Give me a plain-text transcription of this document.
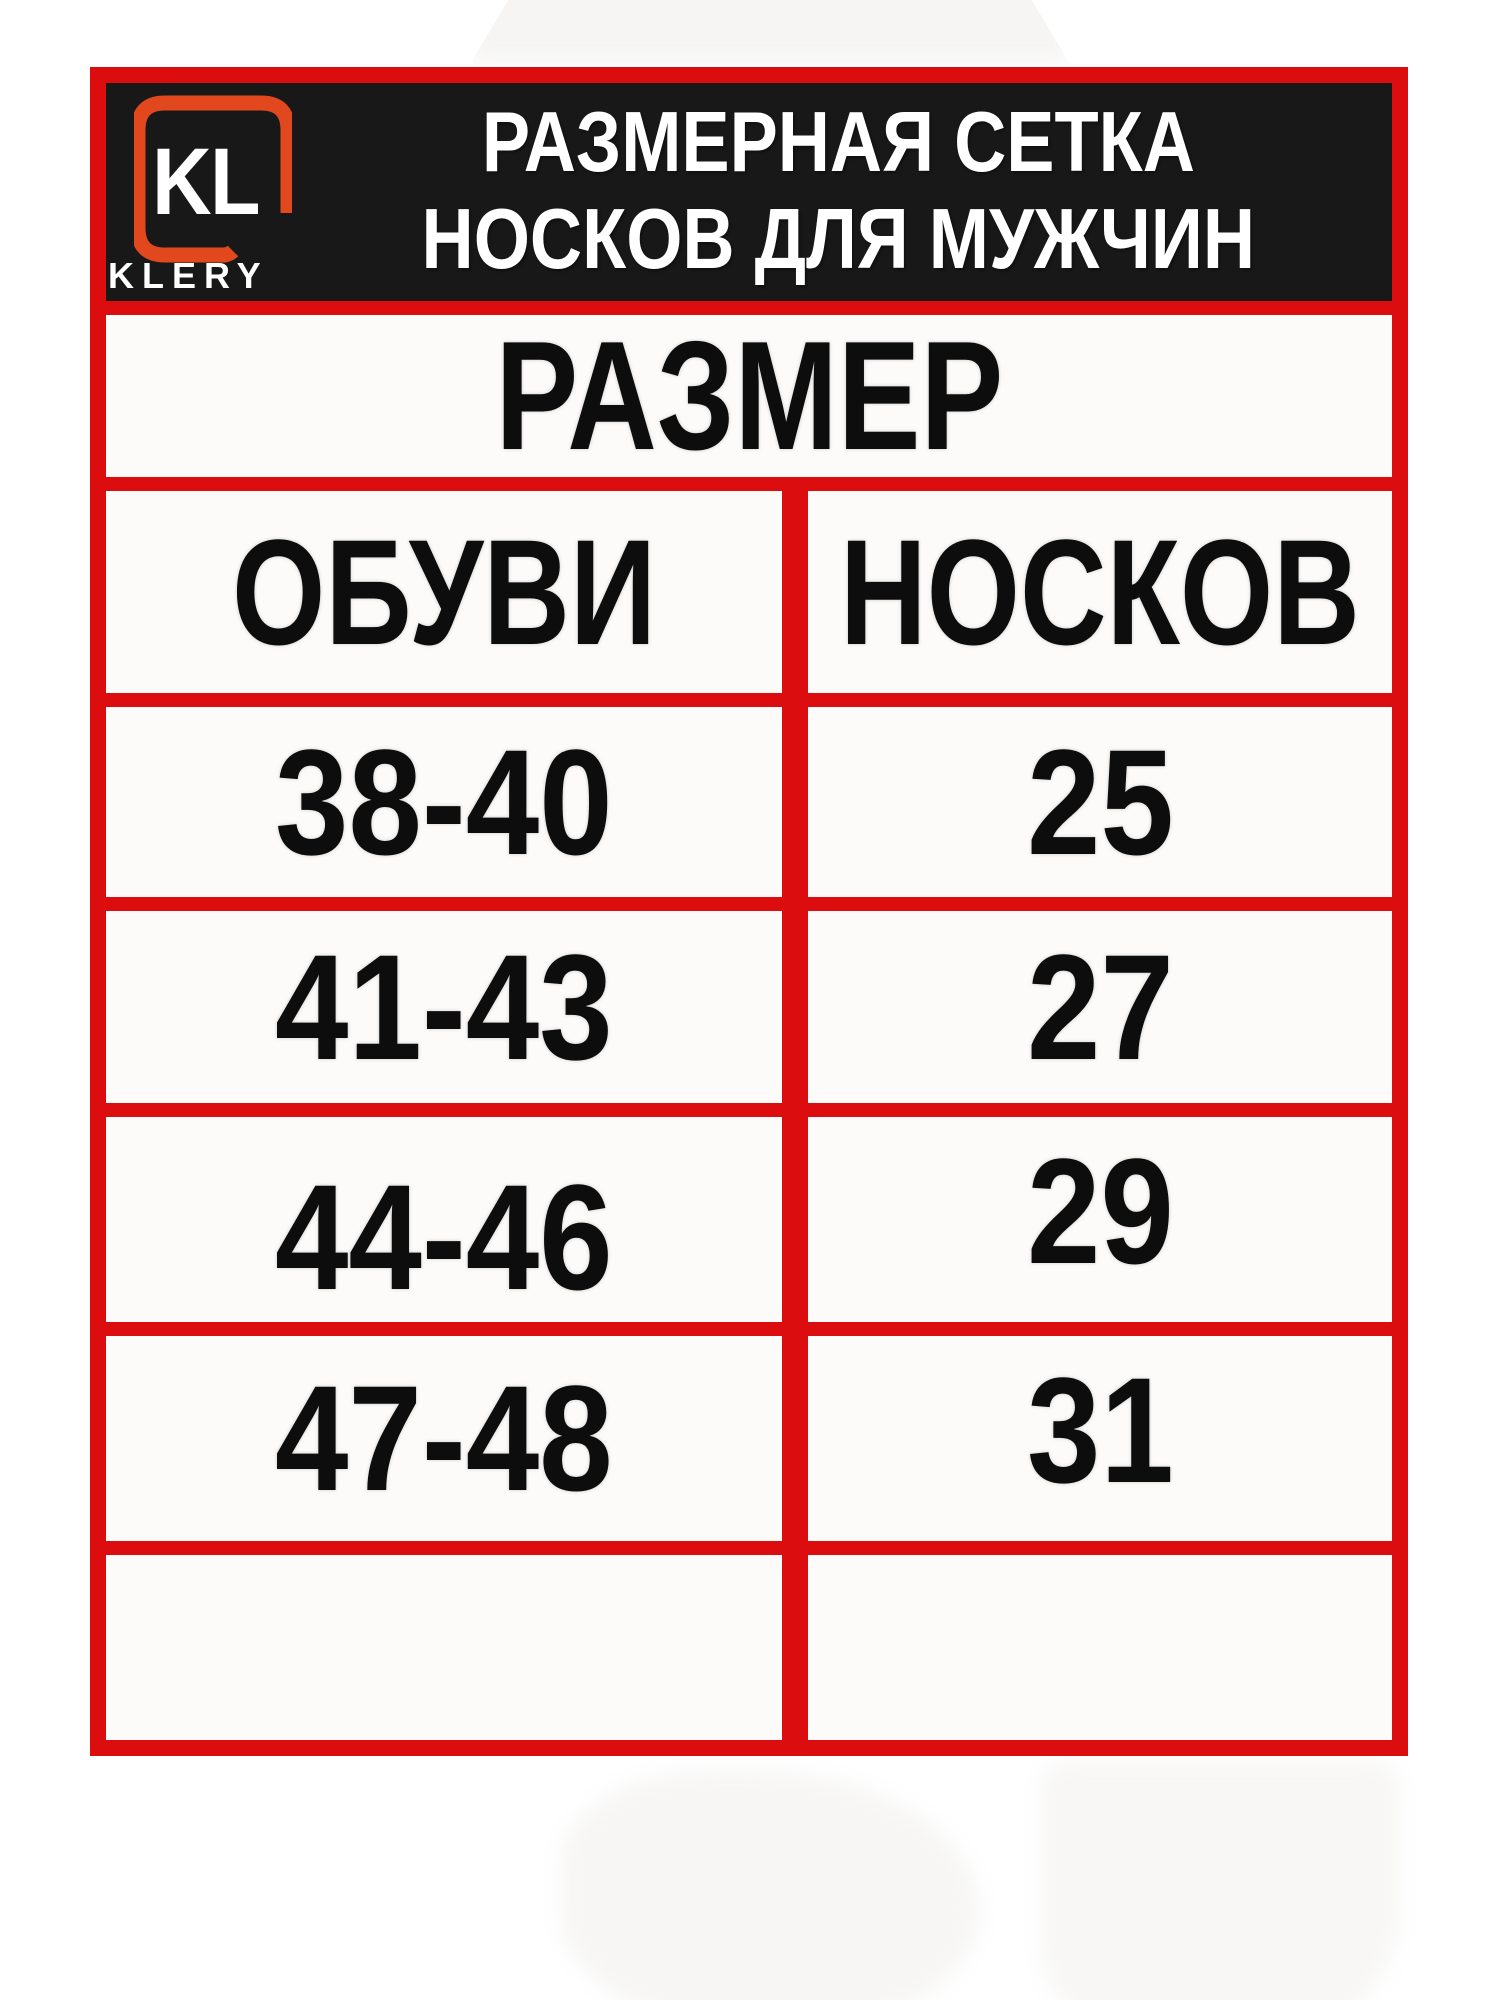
KL
KLERY
РАЗМЕРНАЯ СЕТКА
НОСКОВ ДЛЯ МУЖЧИН
РАЗМЕР
ОБУВИ НОСКОВ
38-40	25
41-43	27
44-46	29
47-48	31
